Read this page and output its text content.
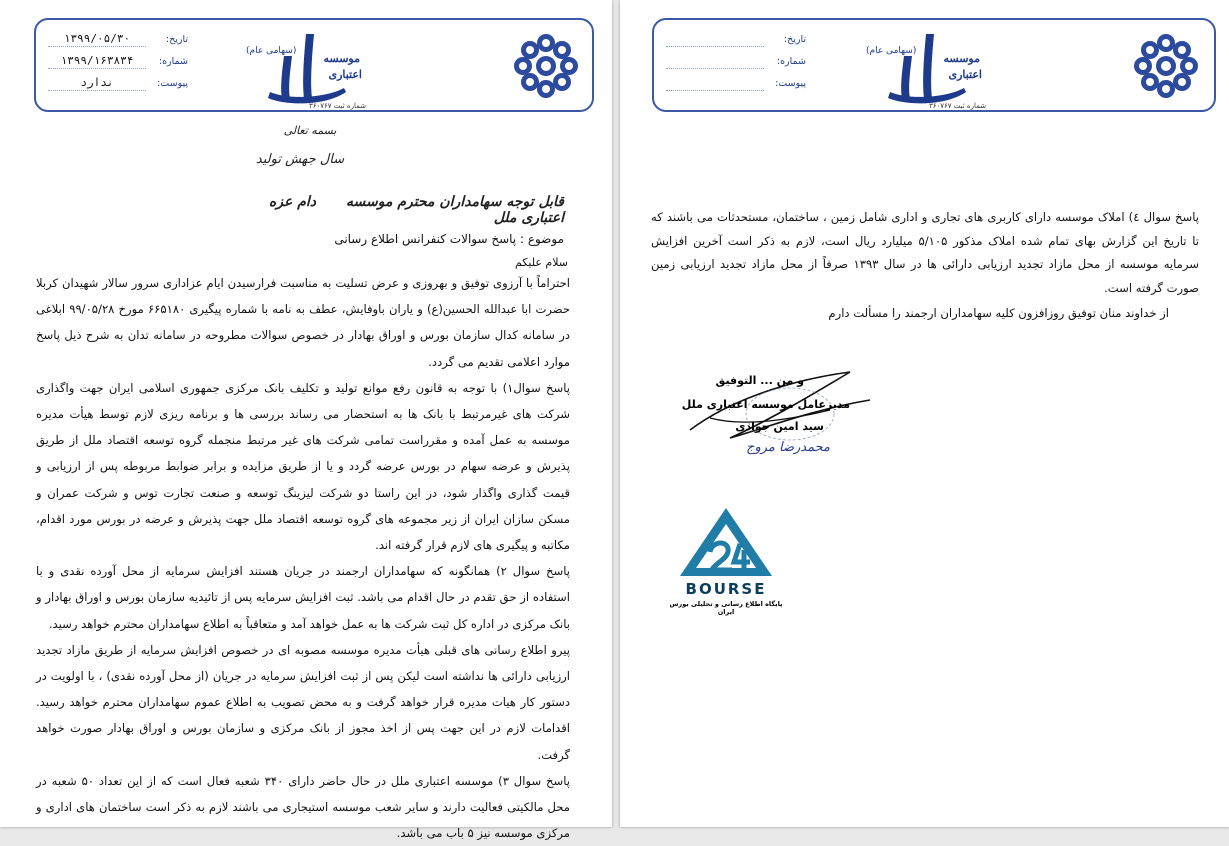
(سهامی عام)
موسسه
اعتباری
شماره ثبت ۳۶۰۷۶۷
تاریخ:
۱۳۹۹/۰۵/۳۰
شماره:
۱۳۹۹/۱۶۳۸۳۴
پیوست:
ندارد
بسمه تعالی
سال جهش تولید
قابل توجه سهامداران محترم موسسه اعتباری ملل
دام عزه
موضوع : پاسخ سوالات کنفرانس اطلاع رسانی
سلام علیکم

احتراماً با آرزوی توفیق و بهروزی و عرض تسلیت به مناسبت فرارسیدن ایام عزاداری سرور سالار شهیدان کربلا حضرت ابا عبدالله الحسین(ع) و یاران باوفایش، عطف به نامه با شماره پیگیری ۶۶۵۱۸۰ مورخ ۹۹/۰۵/۲۸ ابلاغی در سامانه کدال سازمان بورس و اوراق بهادار در خصوص سوالات مطروحه در سامانه تدان به شرح ذیل پاسخ موارد اعلامی تقدیم می گردد.

پاسخ سوال۱) با توجه به قانون رفع موانع تولید و تکلیف بانک مرکزی جمهوری اسلامی ایران جهت واگذاری شرکت های غیرمرتبط با بانک ها به استحضار می رساند بررسی ها و برنامه ریزی لازم توسط هیأت مدیره موسسه به عمل آمده و مقرراست تمامی شرکت های غیر مرتبط منجمله گروه توسعه اقتصاد ملل از طریق پذیرش و عرضه سهام در بورس عرضه گردد و یا از طریق مزایده و برابر ضوابط مربوطه پس از ارزیابی و قیمت گذاری واگذار شود، در این راستا دو شرکت لیزینگ توسعه و صنعت تجارت توس و شرکت عمران و مسکن سازان ایران از زیر مجموعه های گروه توسعه اقتصاد ملل جهت پذیرش و عرضه در بورس مورد اقدام، مکاتبه و پیگیری های لازم قرار گرفته اند.

پاسخ سوال ۲) همانگونه که سهامداران ارجمند در جریان هستند افزایش سرمایه از محل آورده نقدی و با استفاده از حق تقدم در حال اقدام می باشد. ثبت افزایش سرمایه پس از تائیدیه سازمان بورس و اوراق بهادار و بانک مرکزی در اداره کل ثبت شرکت ها به عمل خواهد آمد و متعاقباً به اطلاع سهامداران محترم خواهد رسید.

پیرو اطلاع رسانی های قبلی هیأت مدیره موسسه مصوبه ای در خصوص افزایش سرمایه از طریق مازاد تجدید ارزیابی دارائی ها نداشته است لیکن پس از ثبت افزایش سرمایه در جریان (از محل آورده نقدی) ، با اولویت در دستور کار هیات مدیره قرار خواهد گرفت و به محض تصویب به اطلاع عموم سهامداران محترم خواهد رسید. اقدامات لازم در این جهت پس از اخذ مجوز از بانک مرکزی و سازمان بورس و اوراق بهادار صورت خواهد گرفت.

پاسخ سوال ۳) موسسه اعتباری ملل در حال حاضر دارای ۳۴۰ شعبه فعال است که از این تعداد ۵۰ شعبه در محل مالکیتی فعالیت دارند و سایر شعب موسسه استیجاری می باشند لازم به ذکر است ساختمان های اداری و مرکزی موسسه نیز ۵ باب می باشد.

(سهامی عام)
موسسه
اعتباری
شماره ثبت ۳۶۰۷۶۷
تاریخ:
شماره:
پیوست:

پاسخ سوال ٤) املاک موسسه دارای کاربری های تجاری و اداری شامل زمین ، ساختمان، مستحدثات می باشند که تا تاریخ این گزارش بهای تمام شده املاک مذکور ۵/۱۰۵ میلیارد ریال است، لازم به ذکر است آخرین افزایش سرمایه موسسه از محل مازاد تجدید ارزیابی دارائی ها در سال ۱۳۹۳ صرفاً از محل مازاد تجدید ارزیابی زمین صورت گرفته است.

از خداوند منان توفیق روزافزون کلیه سهامداران ارجمند را مسألت دارم

و من ... التوفیق
مدیرعامل موسسه اعتباری ملل
سید امین جوادی
محمدرضا مروج
BOURSE
پایگاه اطلاع رسانی و تحلیلی بورس ایران
